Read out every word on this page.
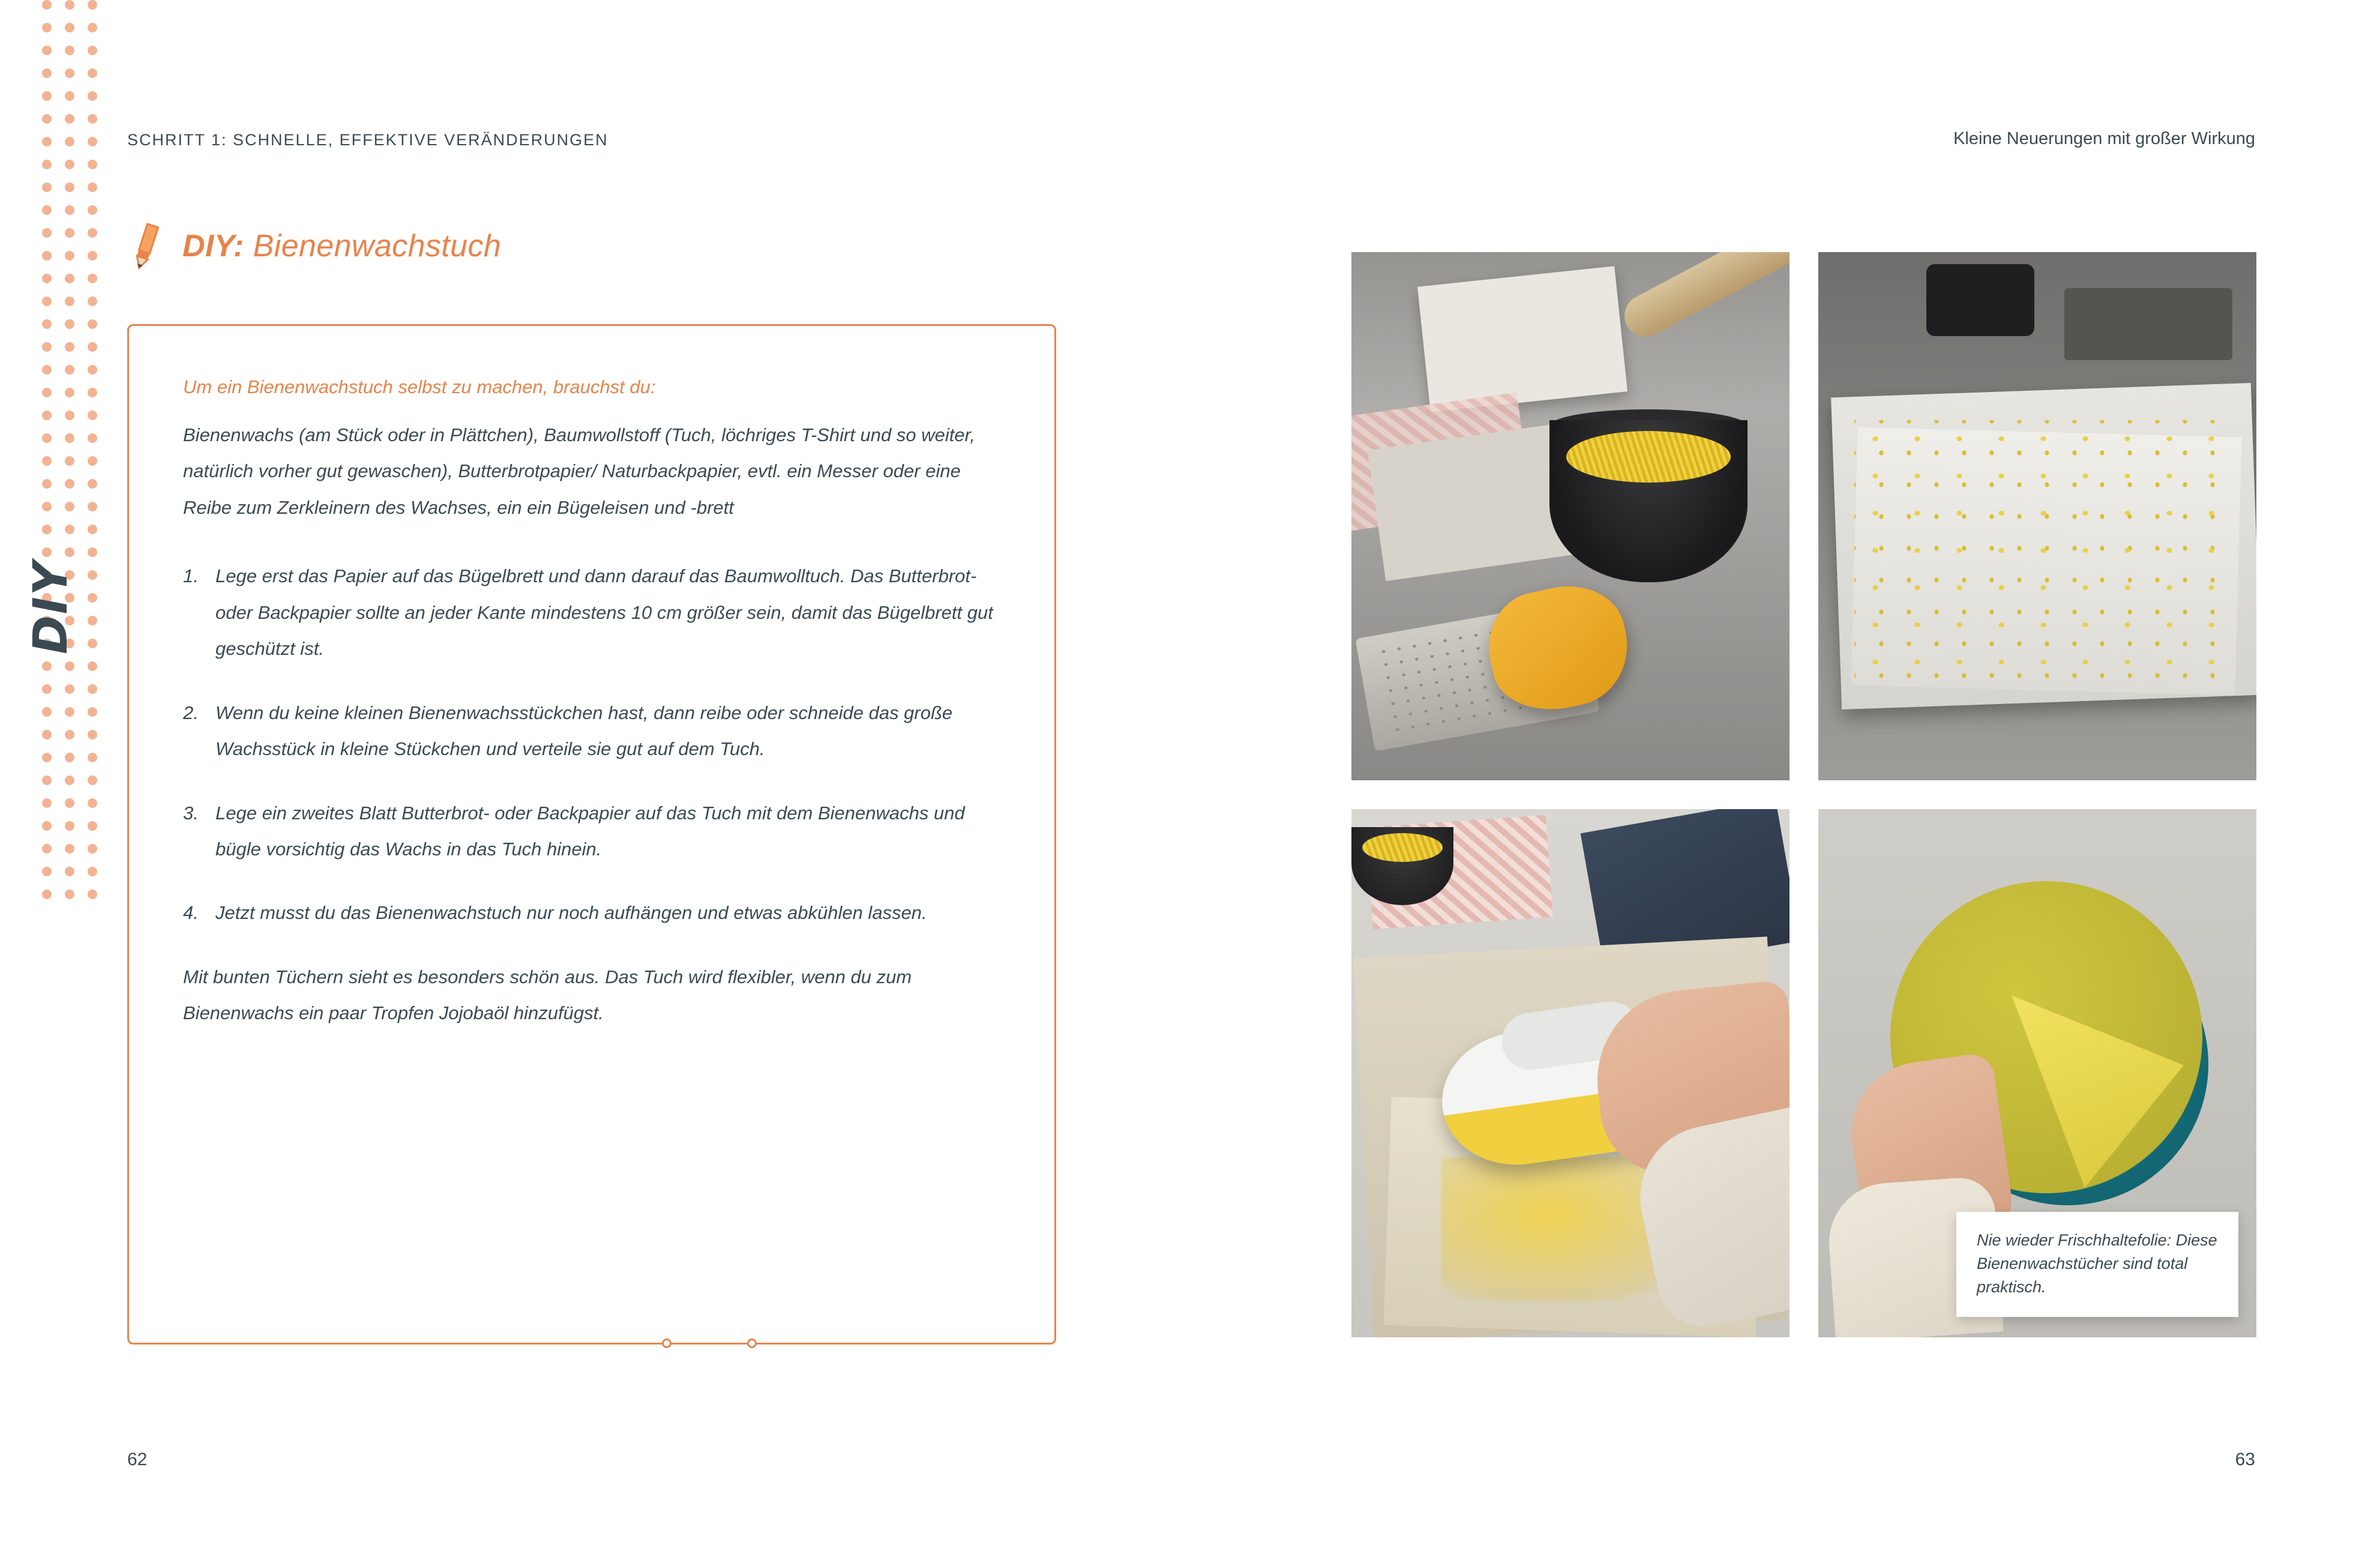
DIY
SCHRITT 1: SCHNELLE, EFFEKTIVE VERÄNDERUNGEN	Kleine Neuerungen mit großer Wirkung
DIY: Bienenwachstuch
Um ein Bienenwachstuch selbst zu machen, brauchst du:
Bienenwachs (am Stück oder in Plättchen), Baumwollstoff (Tuch, löchriges T-Shirt und so weiter, natürlich vorher gut gewaschen), Butterbrotpapier/ Naturbackpapier, evtl. ein Messer oder eine Reibe zum Zerkleinern des Wachses, ein ein Bügeleisen und -brett
1. Lege erst das Papier auf das Bügelbrett und dann darauf das Baumwolltuch. Das Butterbrot- oder Backpapier sollte an jeder Kante mindestens 10 cm größer sein, damit das Bügelbrett gut geschützt ist.
2. Wenn du keine kleinen Bienenwachsstückchen hast, dann reibe oder schneide das große Wachsstück in kleine Stückchen und verteile sie gut auf dem Tuch.
3. Lege ein zweites Blatt Butterbrot- oder Backpapier auf das Tuch mit dem Bienenwachs und bügle vorsichtig das Wachs in das Tuch hinein.
4. Jetzt musst du das Bienenwachstuch nur noch aufhängen und etwas abkühlen lassen.
Mit bunten Tüchern sieht es besonders schön aus. Das Tuch wird flexibler, wenn du zum Bienenwachs ein paar Tropfen Jojobaöl hinzufügst.

Nie wieder Frischhaltefolie: Diese Bienenwachstücher sind total praktisch.

62	63
